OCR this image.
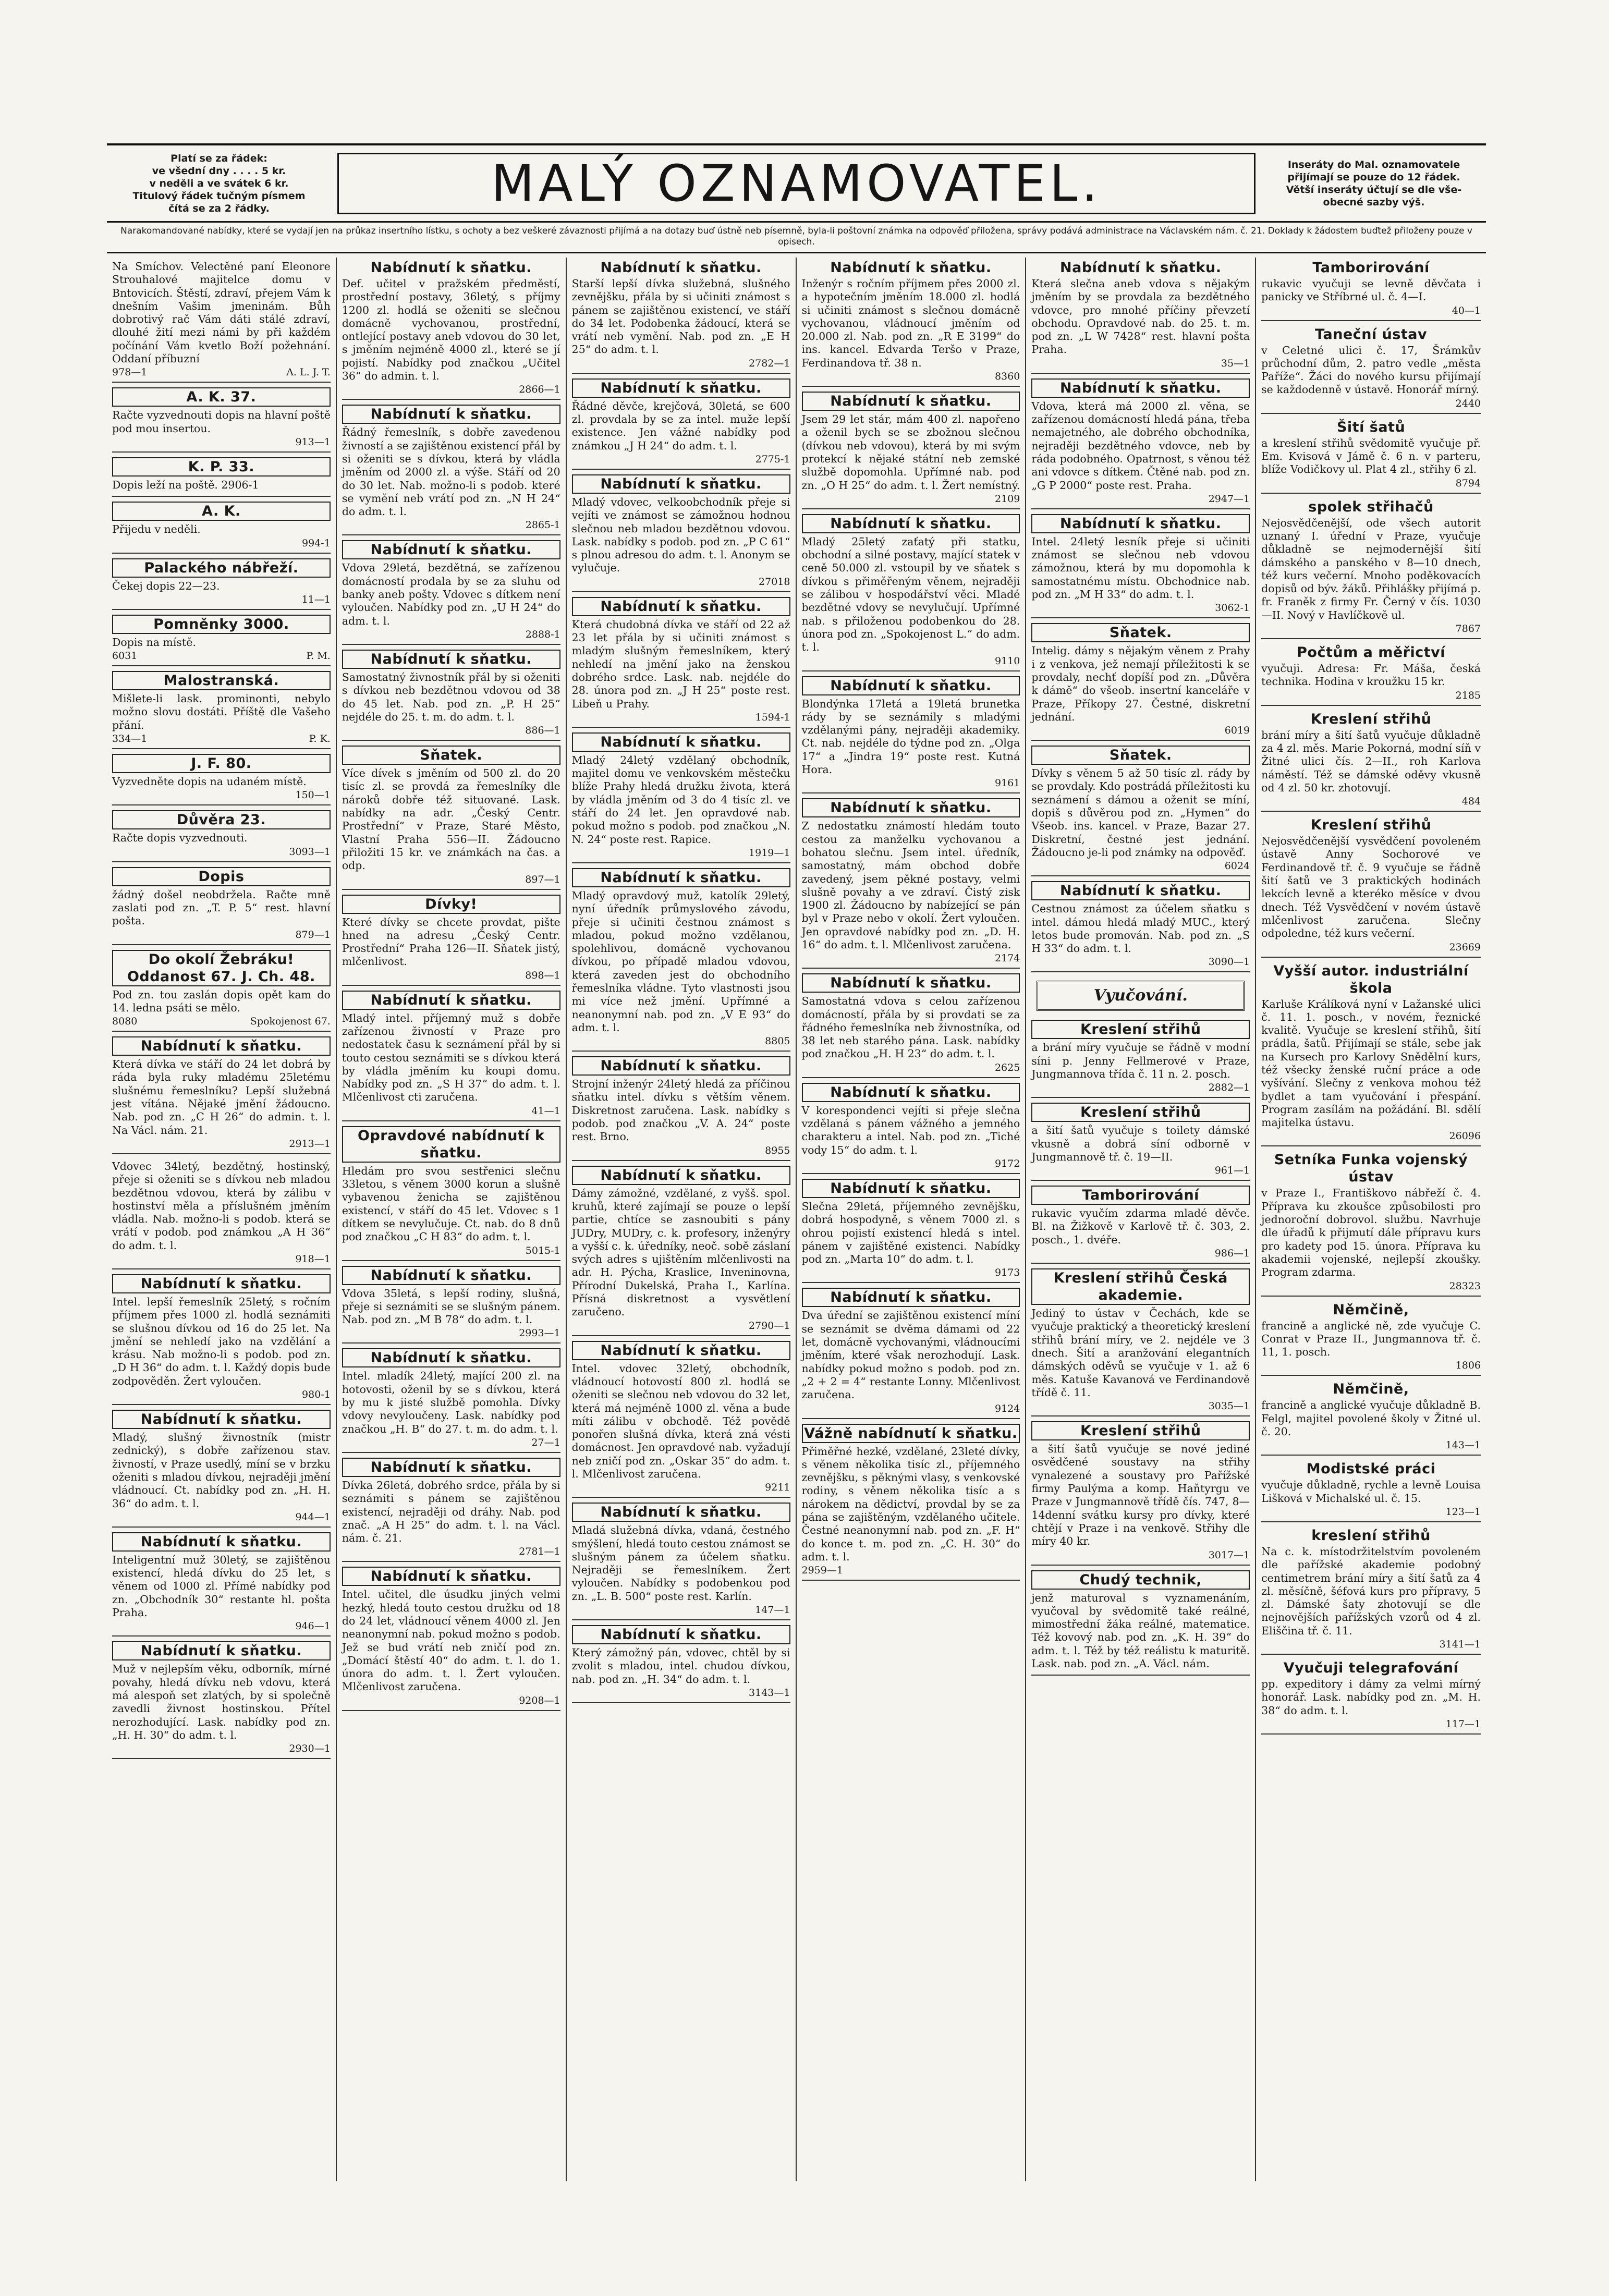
Platí se za řádek:
ve všední dny . . . . 5 kr.
v neděli a ve svátek 6 kr.
Titulový řádek tučným písmem
čítá se za 2 řádky.	MALÝ OZNAMOVATEL.	Inseráty do Mal. oznamovatele
přijímají se pouze do 12 řádek.
Větší inseráty účtují se dle vše-
obecné sazby výš.
Narakomandované nabídky, které se vydají jen na průkaz insertního lístku, s ochoty a bez veškeré závaznosti přijímá a na dotazy buď ústně neb písemně, byla-li poštovní známka na odpověď přiložena, správy podává administrace na Václavském nám. č. 21. Doklady k žádostem buďtež přiloženy pouze v opisech.
Na Smíchov. Velectěné paní Eleonore Strouhalové majitelce domu v Bntovicích. Štěstí, zdraví, přejem Vám k dnešním Vašim jmeninám. Bůh dobrotivý rač Vám dáti stálé zdraví, dlouhé žití mezi námi by při každém počínání Vám kvetlo Boží požehnání. Oddaní příbuzní
978—1	A. L. J. T.
A. K. 37.
Račte vyzvednouti dopis na hlavní poště pod mou insertou.
913—1
K. P. 33.
Dopis leží na poště. 2906-1
A. K.
Přijedu v neděli.
994-1
Palackého nábřeží.
Čekej dopis 22—23.
11—1
Pomněnky 3000.
Dopis na místě.
6031	P. M.
Malostranská.
Mišlete-li lask. prominonti, nebylo možno slovu dostáti. Příště dle Vašeho přání.
334—1	P. K.
J. F. 80.
Vyzvedněte dopis na udaném místě.
150—1
Důvěra 23.
Račte dopis vyzvednouti.
3093—1
Dopis
žádný došel neobdržela. Račte mně zaslati pod zn. „T. P. 5“ rest. hlavní pošta.
879—1
Do okolí Žebráku! Oddanost 67. J. Ch. 48.
Pod zn. tou zaslán dopis opět kam do 14. ledna psáti se mělo.
8080	Spokojenost 67.
Nabídnutí k sňatku.
Která dívka ve stáří do 24 let dobrá by ráda byla ruky mladému 25letému slušnému řemeslníku? Lepší služebná jest vítána. Nějaké jmění žádoucno. Nab. pod zn. „C H 26“ do admin. t. l. Na Václ. nám. 21.
2913—1
Vdovec 34letý, bezdětný, hostinský, přeje si oženiti se s dívkou neb mladou bezdětnou vdovou, která by zálibu v hostinství měla a příslušném jměním vládla. Nab. možno-li s podob. která se vrátí v podob. pod známkou „A H 36“ do adm. t. l.
918—1
Nabídnutí k sňatku.
Intel. lepší řemeslník 25letý, s ročním příjmem přes 1000 zl. hodlá seznámiti se slušnou dívkou od 16 do 25 let. Na jmění se nehledí jako na vzdělání a krásu. Nab možno-li s podob. pod zn. „D H 36“ do adm. t. l. Každý dopis bude zodpověděn. Žert vyloučen.
980-1
Nabídnutí k sňatku.
Mladý, slušný živnostník (mistr zednický), s dobře zařízenou stav. živností, v Praze usedlý, míní se v brzku oženiti s mladou dívkou, nejraději jmění vládnoucí. Ct. nabídky pod zn. „H. H. 36“ do adm. t. l.
944—1
Nabídnutí k sňatku.
Inteligentní muž 30letý, se zajištěnou existencí, hledá dívku do 25 let, s věnem od 1000 zl. Přímé nabídky pod zn. „Obchodník 30“ restante hl. pošta Praha.
946—1
Nabídnutí k sňatku.
Muž v nejlepším věku, odborník, mírné povahy, hledá dívku neb vdovu, která má alespoň set zlatých, by si společně zavedli živnost hostinskou. Přítel nerozhodující. Lask. nabídky pod zn. „H. H. 30“ do adm. t. l.
2930—1
Nabídnutí k sňatku.
Def. učitel v pražském předměstí, prostřední postavy, 36letý, s příjmy 1200 zl. hodlá se oženiti se slečnou domácně vychovanou, prostřední, ontlející postavy aneb vdovou do 30 let, s jměním nejméně 4000 zl., které se jí pojistí. Nabídky pod značkou „Učitel 36“ do admin. t. l.
2866—1
Nabídnutí k sňatku.
Řádný řemeslník, s dobře zavedenou živností a se zajištěnou existencí přál by si oženiti se s dívkou, která by vládla jměním od 2000 zl. a výše. Stáří od 20 do 30 let. Nab. možno-li s podob. které se vymění neb vrátí pod zn. „N H 24“ do adm. t. l.
2865-1
Nabídnutí k sňatku.
Vdova 29letá, bezdětná, se zařízenou domácností prodala by se za sluhu od banky aneb pošty. Vdovec s dítkem není vyloučen. Nabídky pod zn. „U H 24“ do adm. t. l.
2888-1
Nabídnutí k sňatku.
Samostatný živnostník přál by si oženiti s dívkou neb bezdětnou vdovou od 38 do 45 let. Nab. pod zn. „P. H 25“ nejdéle do 25. t. m. do adm. t. l.
886—1
Sňatek.
Více dívek s jměním od 500 zl. do 20 tisíc zl. se provdá za řemeslníky dle nároků dobře též situované. Lask. nabídky na adr. „Český Centr. Prostřední“ v Praze, Staré Město, Vlastní Praha 556—II. Žádoucno přiložiti 15 kr. ve známkách na čas. a odp.
897—1
Dívky!
Které dívky se chcete provdat, pište hned na adresu „Český Centr. Prostřední“ Praha 126—II. Sňatek jistý, mlčenlivost.
898—1
Nabídnutí k sňatku.
Mladý intel. příjemný muž s dobře zařízenou živností v Praze pro nedostatek času k seznámení přál by si touto cestou seznámiti se s dívkou která by vládla jměním ku koupi domu. Nabídky pod zn. „S H 37“ do adm. t. l. Mlčenlivost cti zaručena.
41—1
Opravdové nabídnutí k sňatku.
Hledám pro svou sestřenici slečnu 33letou, s věnem 3000 korun a slušně vybavenou ženicha se zajištěnou existencí, v stáří do 45 let. Vdovec s 1 dítkem se nevylučuje. Ct. nab. do 8 dnů pod značkou „C H 83“ do adm. t. l.
5015-1
Nabídnutí k sňatku.
Vdova 35letá, s lepší rodiny, slušná, přeje si seznámiti se se slušným pánem. Nab. pod zn. „M B 78“ do adm. t. l.
2993—1
Nabídnutí k sňatku.
Intel. mladík 24letý, mající 200 zl. na hotovosti, oženil by se s dívkou, která by mu k jisté službě pomohla. Dívky vdovy nevyloučeny. Lask. nabídky pod značkou „H. B“ do 27. t. m. do adm. t. l.
27—1
Nabídnutí k sňatku.
Dívka 26letá, dobrého srdce, přála by si seznámiti s pánem se zajištěnou existencí, nejraději od dráhy. Nab. pod znač. „A H 25“ do adm. t. l. na Václ. nám. č. 21.
2781—1
Nabídnutí k sňatku.
Intel. učitel, dle úsudku jiných velmi hezký, hledá touto cestou družku od 18 do 24 let, vládnoucí věnem 4000 zl. Jen neanonymní nab. pokud možno s podob. Jež se bud vrátí neb zničí pod zn. „Domácí štěstí 40“ do adm. t. l. do 1. února do adm. t. l. Žert vyloučen. Mlčenlivost zaručena.
9208—1
Nabídnutí k sňatku.
Starší lepší dívka služebná, slušného zevnějšku, přála by si učiniti známost s pánem se zajištěnou existencí, ve stáří do 34 let. Podobenka žádoucí, která se vrátí neb vymění. Nab. pod zn. „E H 25“ do adm. t. l.
2782—1
Nabídnutí k sňatku.
Řádné děvče, krejčová, 30letá, se 600 zl. provdala by se za intel. muže lepší existence. Jen vážné nabídky pod známkou „J H 24“ do adm. t. l.
2775-1
Nabídnutí k sňatku.
Mladý vdovec, velkoobchodník přeje si vejíti ve známost se zámožnou hodnou slečnou neb mladou bezdětnou vdovou. Lask. nabídky s podob. pod zn. „P C 61“ s plnou adresou do adm. t. l. Anonym se vylučuje.
27018
Nabídnutí k sňatku.
Která chudobná dívka ve stáří od 22 až 23 let přála by si učiniti známost s mladým slušným řemeslníkem, který nehledí na jmění jako na ženskou dobrého srdce. Lask. nab. nejdéle do 28. února pod zn. „J H 25“ poste rest. Libeň u Prahy.
1594-1
Nabídnutí k sňatku.
Mladý 24letý vzdělaný obchodník, majitel domu ve venkovském městečku blíže Prahy hledá družku života, která by vládla jměním od 3 do 4 tisíc zl. ve stáří do 24 let. Jen opravdové nab. pokud možno s podob. pod značkou „N. N. 24“ poste rest. Rapice.
1919—1
Nabídnutí k sňatku.
Mladý opravdový muž, katolík 29letý, nyní úředník průmyslového závodu, přeje si učiniti čestnou známost s mladou, pokud možno vzdělanou, spolehlivou, domácně vychovanou dívkou, po případě mladou vdovou, která zaveden jest do obchodního řemeslníka vládne. Tyto vlastnosti jsou mi více než jmění. Upřímné a neanonymní nab. pod zn. „V E 93“ do adm. t. l.
8805
Nabídnutí k sňatku.
Strojní inženýr 24letý hledá za příčinou sňatku intel. dívku s větším věnem. Diskretnost zaručena. Lask. nabídky s podob. pod značkou „V. A. 24“ poste rest. Brno.
8955
Nabídnutí k sňatku.
Dámy zámožné, vzdělané, z vyšš. spol. kruhů, které zajímají se pouze o lepší partie, chtíce se zasnoubiti s pány JUDry, MUDry, c. k. profesory, inženýry a vyšší c. k. úředníky, neoč. sobě záslaní svých adres s ujištěním mlčenlivosti na adr. H. Pýcha, Kraslice, Inveninovna, Přírodní Dukelská, Praha I., Karlína. Přísná diskretnost a vysvětlení zaručeno.
2790—1
Nabídnutí k sňatku.
Intel. vdovec 32letý, obchodník, vládnoucí hotovostí 800 zl. hodlá se oženiti se slečnou neb vdovou do 32 let, která má nejméně 1000 zl. věna a bude míti zálibu v obchodě. Též povědě ponořen slušná dívka, která zná vésti domácnost. Jen opravdové nab. vyžadují neb zničí pod zn. „Oskar 35“ do adm. t. l. Mlčenlivost zaručena.
9211
Nabídnutí k sňatku.
Mladá služebná dívka, vdaná, čestného smýšlení, hledá touto cestou známost se slušným pánem za účelem sňatku. Nejraději se řemeslníkem. Žert vyloučen. Nabídky s podobenkou pod zn. „L. B. 500“ poste rest. Karlín.
147—1
Nabídnutí k sňatku.
Který zámožný pán, vdovec, chtěl by si zvolit s mladou, intel. chudou dívkou, nab. pod zn. „H. 34“ do adm. t. l.
3143—1
Nabídnutí k sňatku.
Inženýr s ročním příjmem přes 2000 zl. a hypotečním jměním 18.000 zl. hodlá si učiniti známost s slečnou domácně vychovanou, vládnoucí jměním od 20.000 zl. Nab. pod zn. „R E 3199“ do ins. kancel. Edvarda Teršo v Praze, Ferdinandova tř. 38 n.
8360
Nabídnutí k sňatku.
Jsem 29 let stár, mám 400 zl. napořeno a oženil bych se se zbožnou slečnou (dívkou neb vdovou), která by mi svým protekcí k nějaké státní neb zemské službě dopomohla. Upřímné nab. pod zn. „O H 25“ do adm. t. l. Žert nemístný.
2109
Nabídnutí k sňatku.
Mladý 25letý zaťatý při statku, obchodní a silné postavy, mající statek v ceně 50.000 zl. vstoupil by ve sňatek s dívkou s přiměřeným věnem, nejraději se zálibou v hospodářství věci. Mladé bezdětné vdovy se nevylučují. Upřímné nab. s přiloženou podobenkou do 28. února pod zn. „Spokojenost L.“ do adm. t. l.
9110
Nabídnutí k sňatku.
Blondýnka 17letá a 19letá brunetka rády by se seznámily s mladými vzdělanými pány, nejraději akademiky. Ct. nab. nejdéle do týdne pod zn. „Olga 17“ a „Jindra 19“ poste rest. Kutná Hora.
9161
Nabídnutí k sňatku.
Z nedostatku známostí hledám touto cestou za manželku vychovanou a bohatou slečnu. Jsem intel. úředník, samostatný, mám obchod dobře zavedený, jsem pěkné postavy, velmi slušně povahy a ve zdraví. Čistý zisk 1900 zl. Žádoucno by nabízející se pán byl v Praze nebo v okolí. Žert vyloučen. Jen opravdové nabídky pod zn. „D. H. 16“ do adm. t. l. Mlčenlivost zaručena.
2174
Nabídnutí k sňatku.
Samostatná vdova s celou zařízenou domácností, přála by si provdati se za řádného řemeslníka neb živnostníka, od 38 let neb starého pána. Lask. nabídky pod značkou „H. H 23“ do adm. t. l.
2625
Nabídnutí k sňatku.
V korespondenci vejíti si přeje slečna vzdělaná s pánem vážného a jemného charakteru a intel. Nab. pod zn. „Tiché vody 15“ do adm. t. l.
9172
Nabídnutí k sňatku.
Slečna 29letá, příjemného zevnějšku, dobrá hospodyně, s věnem 7000 zl. s ohrou pojistí existencí hledá s intel. pánem v zajištěné existenci. Nabídky pod zn. „Marta 10“ do adm. t. l.
9173
Nabídnutí k sňatku.
Dva úřední se zajištěnou existencí míní se seznámit se dvěma dámami od 22 let, domácně vychovanými, vládnoucími jměním, které však nerozhodují. Lask. nabídky pokud možno s podob. pod zn. „2 + 2 = 4“ restante Lonny. Mlčenlivost zaručena.
9124
Vážně nabídnutí k sňatku.
Přiměřné hezké, vzdělané, 23leté dívky, s věnem několika tisíc zl., příjemného zevnějšku, s pěknými vlasy, s venkovské rodiny, s věnem několika tisíc a s nárokem na dědictví, provdal by se za pána se zajištěným, vzdělaného učitele. Čestné neanonymní nab. pod zn. „F. H“ do konce t. m. pod zn. „C. H. 30“ do adm. t. l.
2959—1
Nabídnutí k sňatku.
Která slečna aneb vdova s nějakým jměním by se provdala za bezdětného vdovce, pro mnohé příčiny převzetí obchodu. Opravdové nab. do 25. t. m. pod zn. „L W 7428“ rest. hlavní pošta Praha.
35—1
Nabídnutí k sňatku.
Vdova, která má 2000 zl. věna, se zařízenou domácností hledá pána, třeba nemajetného, ale dobrého obchodníka, nejraději bezdětného vdovce, neb by ráda podobného. Opatrnost, s věnou též ani vdovce s dítkem. Čtěné nab. pod zn. „G P 2000“ poste rest. Praha.
2947—1
Nabídnutí k sňatku.
Intel. 24letý lesník přeje si učiniti známost se slečnou neb vdovou zámožnou, která by mu dopomohla k samostatnému místu. Obchodnice nab. pod zn. „M H 33“ do adm. t. l.
3062-1
Sňatek.
Intelig. dámy s nějakým věnem z Prahy i z venkova, jež nemají příležitosti k se provdaly, nechť dopíší pod zn. „Důvěra k dámě“ do všeob. insertní kanceláře v Praze, Příkopy 27. Čestné, diskretní jednání.
6019
Sňatek.
Dívky s věnem 5 až 50 tisíc zl. rády by se provdaly. Kdo postrádá příležitosti ku seznámení s dámou a oženit se míní, dopiš s důvěrou pod zn. „Hymen“ do Všeob. ins. kancel. v Praze, Bazar 27. Diskretní, čestné jest jednání. Žádoucno je-li pod známky na odpověď.
6024
Nabídnutí k sňatku.
Cestnou známost za účelem sňatku s intel. dámou hledá mladý MUC., který letos bude promován. Nab. pod zn. „S H 33“ do adm. t. l.
3090—1
Vyučování.
Kreslení střihů
a brání míry vyučuje se řádně v modní síni p. Jenny Fellmerové v Praze, Jungmannova třída č. 11 n. 2. posch.
2882—1
Kreslení střihů
a šití šatů vyučuje s toilety dámské vkusně a dobrá síní odborně v Jungmannově tř. č. 19—II.
961—1
Tamborirování
rukavic vyučím zdarma mladé děvče. Bl. na Žižkově v Karlově tř. č. 303, 2. posch., 1. dvéře.
986—1
Kreslení střihů Česká akademie.
Jediný to ústav v Čechách, kde se vyučuje praktický a theoretický kreslení střihů brání míry, ve 2. nejdéle ve 3 dnech. Šití a aranžování elegantních dámských oděvů se vyučuje v 1. až 6 měs. Katuše Kavanová ve Ferdinandově třídě č. 11.
3035—1
Kreslení střihů
a šití šatů vyučuje se nové jediné osvědčené soustavy na střihy vynalezené a soustavy pro Pařížské firmy Paulýma a komp. Haňtyrgu ve Praze v Jungmannově třídě čís. 747, 8—14denní svátku kursy pro dívky, které chtějí v Praze i na venkově. Střihy dle míry 40 kr.
3017—1
Chudý technik,
jenž maturoval s vyznamenáním, vyučoval by svědomitě také reálné, mimostřední žáka reálné, matematice. Též kovový nab. pod zn. „K. H. 39“ do adm. t. l. Též by též reálistu k maturitě. Lask. nab. pod zn. „A. Václ. nám.
Tamborirování
rukavic vyučuji se levně děvčata i panicky ve Stříbrné ul. č. 4—I.
40—1
Taneční ústav
v Celetné ulici č. 17, Šrámkův průchodní dům, 2. patro vedle „města Paříže“. Žáci do nového kursu přijímají se každodenně v ústavě. Honorář mírný.
2440
Šití šatů
a kreslení střihů svědomitě vyučuje př. Em. Kvisová v Jámě č. 6 n. v parteru, blíže Vodičkovy ul. Plat 4 zl., střihy 6 zl.
8794
spolek střihačů
Nejosvědčenější, ode všech autorit uznaný I. úřední v Praze, vyučuje důkladně se nejmodernější šití dámského a panského v 8—10 dnech, též kurs večerní. Mnoho poděkovacích dopisů od býv. žáků. Přihlášky přijímá p. fr. Franěk z firmy Fr. Černý v čís. 1030—II. Nový v Havlíčkově ul.
7867
Počtům a měřictví
vyučuji. Adresa: Fr. Máša, česká technika. Hodina v kroužku 15 kr.
2185
Kreslení střihů
brání míry a šití šatů vyučuje důkladně za 4 zl. měs. Marie Pokorná, modní síň v Žitné ulici čís. 2—II., roh Karlova náměstí. Též se dámské oděvy vkusně od 4 zl. 50 kr. zhotovují.
484
Kreslení střihů
Nejosvědčenější vysvědčení povoleném ústavě Anny Sochorové ve Ferdinandově tř. č. 9 vyučuje se řádně šití šatů ve 3 praktických hodinách lekcích levně a kteréko měsíce v dvou dnech. Též Vysvědčení v novém ústavě mlčenlivost zaručena. Slečny odpoledne, též kurs večerní.
23669
Vyšší autor. industriální škola
Karluše Králíková nyní v Lažanské ulici č. 11. 1. posch., v novém, řeznické kvalitě. Vyučuje se kreslení střihů, šití prádla, šatů. Přijímají se stále, sebe jak na Kursech pro Karlovy Snědělní kurs, též všecky ženské ruční práce a ode vyšívání. Slečny z venkova mohou též bydlet a tam vyučování i přespání. Program zasílám na požádání. Bl. sdělí majitelka ústavu.
26096
Setníka Funka vojenský ústav
v Praze I., Františkovo nábřeží č. 4. Příprava ku zkoušce způsobilosti pro jednoroční dobrovol. službu. Navrhuje dle úřadů k přijmutí dále přípravu kurs pro kadety pod 15. února. Příprava ku akademii vojenské, nejlepší zkoušky. Program zdarma.
28323
Němčině,
francině a anglické ně, zde vyučuje C. Conrat v Praze II., Jungmannova tř. č. 11, 1. posch.
1806
Němčině,
francině a anglické vyučuje důkladně B. Felgl, majitel povolené školy v Žitné ul. č. 20.
143—1
Modistské práci
vyučuje důkladně, rychle a levně Louisa Lišková v Michalské ul. č. 15.
123—1
kreslení střihů
Na c. k. místodržitelstvím povoleném dle pařížské akademie podobný centimetrem brání míry a šití šatů za 4 zl. měsíčně, šéfová kurs pro přípravy, 5 zl. Dámské šaty zhotovují se dle nejnovějších pařížských vzorů od 4 zl. Eliščina tř. č. 11.
3141—1
Vyučuji telegrafování
pp. expeditory i dámy za velmi mírný honorář. Lask. nabídky pod zn. „M. H. 38“ do adm. t. l.
117—1
